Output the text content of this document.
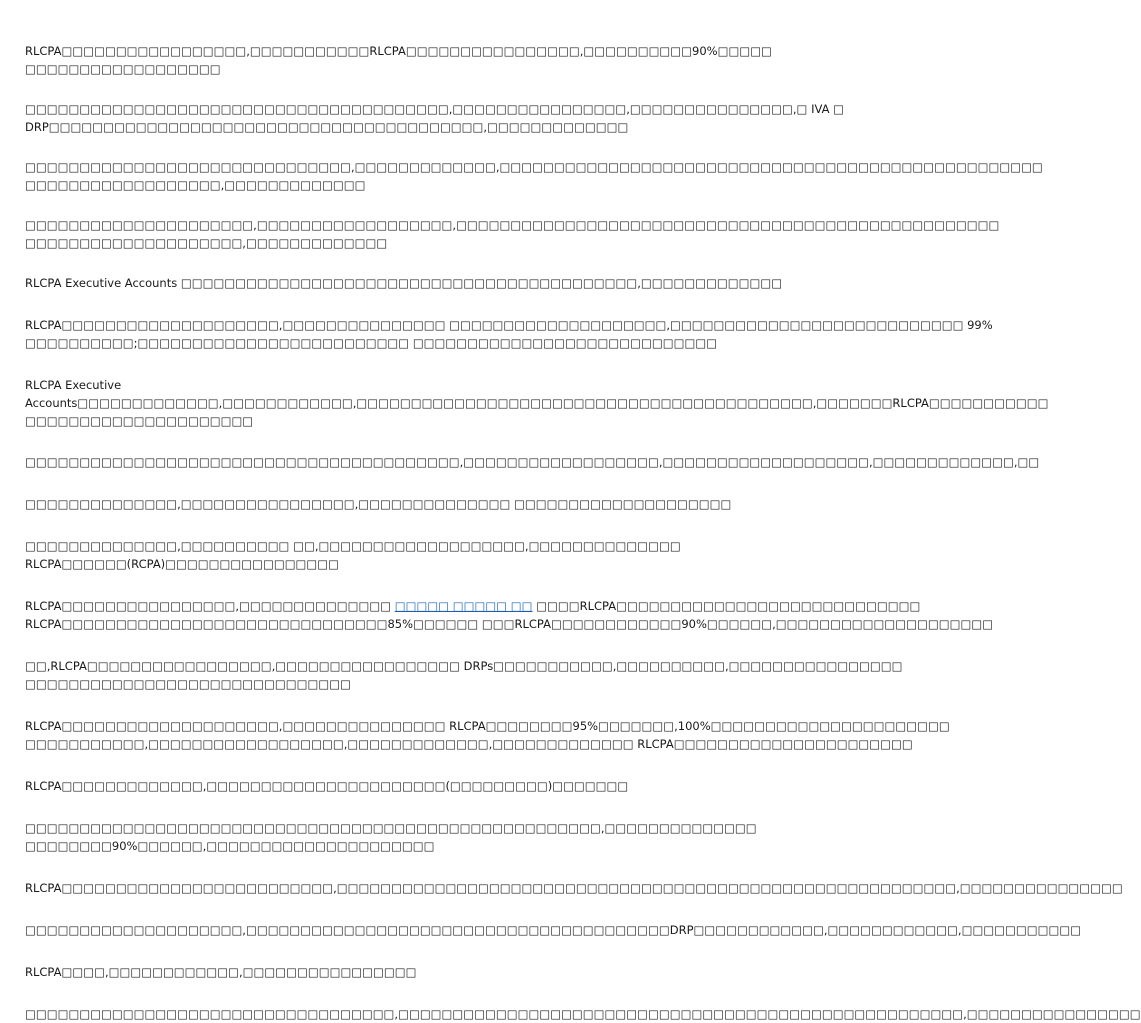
RLCPA□□□□□□□□□□□□□□□□□,□□□□□□□□□□□RLCPA□□□□□□□□□□□□□□□□,□□□□□□□□□□90%□□□□□
□□□□□□□□□□□□□□□□□□

□□□□□□□□□□□□□□□□□□□□□□□□□□□□□□□□□□□□□□□,□□□□□□□□□□□□□□□□,□□□□□□□□□□□□□□□,□ IVA □
DRP□□□□□□□□□□□□□□□□□□□□□□□□□□□□□□□□□□□□□□□□,□□□□□□□□□□□□□

□□□□□□□□□□□□□□□□□□□□□□□□□□□□□□,□□□□□□□□□□□□□,□□□□□□□□□□□□□□□□□□□□□□□□□□□□□□□□□□□□□□□□□□□□□□□□□□
□□□□□□□□□□□□□□□□□□,□□□□□□□□□□□□□

□□□□□□□□□□□□□□□□□□□□□,□□□□□□□□□□□□□□□□□□,□□□□□□□□□□□□□□□□□□□□□□□□□□□□□□□□□□□□□□□□□□□□□□□□□□
□□□□□□□□□□□□□□□□□□□□,□□□□□□□□□□□□□

RLCPA Executive Accounts □□□□□□□□□□□□□□□□□□□□□□□□□□□□□□□□□□□□□□□□□□,□□□□□□□□□□□□□

RLCPA□□□□□□□□□□□□□□□□□□□□,□□□□□□□□□□□□□□□ □□□□□□□□□□□□□□□□□□□□,□□□□□□□□□□□□□□□□□□□□□□□□□□□ 99%
□□□□□□□□□□;□□□□□□□□□□□□□□□□□□□□□□□□□ □□□□□□□□□□□□□□□□□□□□□□□□□□□□

RLCPA Executive
Accounts□□□□□□□□□□□□□,□□□□□□□□□□□□,□□□□□□□□□□□□□□□□□□□□□□□□□□□□□□□□□□□□□□□□□□,□□□□□□□RLCPA□□□□□□□□□□□
□□□□□□□□□□□□□□□□□□□□□

□□□□□□□□□□□□□□□□□□□□□□□□□□□□□□□□□□□□□□□□,□□□□□□□□□□□□□□□□□□,□□□□□□□□□□□□□□□□□□□,□□□□□□□□□□□□□,□□

□□□□□□□□□□□□□□,□□□□□□□□□□□□□□□□,□□□□□□□□□□□□□□ □□□□□□□□□□□□□□□□□□□□

□□□□□□□□□□□□□□,□□□□□□□□□□ □□,□□□□□□□□□□□□□□□□□□□,□□□□□□□□□□□□□□
RLCPA□□□□□□(RCPA)□□□□□□□□□□□□□□□□

RLCPA□□□□□□□□□□□□□□□□,□□□□□□□□□□□□□□ □□□□□ □□□□□ □□ □□□□RLCPA□□□□□□□□□□□□□□□□□□□□□□□□□□□□
RLCPA□□□□□□□□□□□□□□□□□□□□□□□□□□□□□□85%□□□□□□ □□□RLCPA□□□□□□□□□□□□90%□□□□□□,□□□□□□□□□□□□□□□□□□□□

□□,RLCPA□□□□□□□□□□□□□□□□□,□□□□□□□□□□□□□□□□□ DRPs□□□□□□□□□□□,□□□□□□□□□□,□□□□□□□□□□□□□□□□
□□□□□□□□□□□□□□□□□□□□□□□□□□□□□□

RLCPA□□□□□□□□□□□□□□□□□□□□,□□□□□□□□□□□□□□□ RLCPA□□□□□□□□95%□□□□□□□,100%□□□□□□□□□□□□□□□□□□□□□□
□□□□□□□□□□□,□□□□□□□□□□□□□□□□□□,□□□□□□□□□□□□□,□□□□□□□□□□□□□ RLCPA□□□□□□□□□□□□□□□□□□□□□□

RLCPA□□□□□□□□□□□□□,□□□□□□□□□□□□□□□□□□□□□□(□□□□□□□□□)□□□□□□□

□□□□□□□□□□□□□□□□□□□□□□□□□□□□□□□□□□□□□□□□□□□□□□□□□□□□□,□□□□□□□□□□□□□□
□□□□□□□□90%□□□□□□,□□□□□□□□□□□□□□□□□□□□□

RLCPA□□□□□□□□□□□□□□□□□□□□□□□□□,□□□□□□□□□□□□□□□□□□□□□□□□□□□□□□□□□□□□□□□□□□□□□□□□□□□□□□□□□,□□□□□□□□□□□□□□□

□□□□□□□□□□□□□□□□□□□□,□□□□□□□□□□□□□□□□□□□□□□□□□□□□□□□□□□□□□□□DRP□□□□□□□□□□□□,□□□□□□□□□□□□,□□□□□□□□□□□

RLCPA□□□□,□□□□□□□□□□□□,□□□□□□□□□□□□□□□□

□□□□□□□□□□□□□□□□□□□□□□□□□□□□□□□□□□,□□□□□□□□□□□□□□□□□□□□□□□□□□□□□□□□□□□□□□□□□□□□□□□□□□□□,□□□□□□□□□□□□□□□□
